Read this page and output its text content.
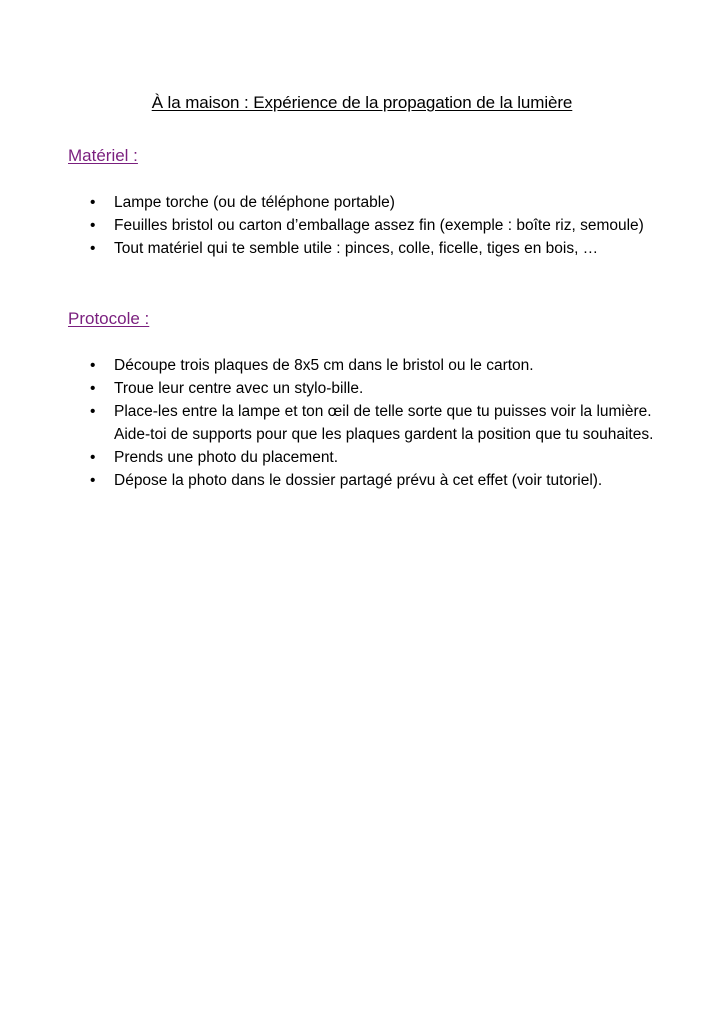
À la maison : Expérience de la propagation de la lumière
Matériel :
•	Lampe torche (ou de téléphone portable)
•	Feuilles bristol ou carton d’emballage assez fin (exemple : boîte riz, semoule)
•	Tout matériel qui te semble utile : pinces, colle, ficelle, tiges en bois, …
Protocole :
•	Découpe trois plaques de 8x5 cm dans le bristol ou le carton.
•	Troue leur centre avec un stylo-bille.
•	Place-les entre la lampe et ton œil de telle sorte que tu puisses voir la lumière. Aide-toi de supports pour que les plaques gardent la position que tu souhaites.
•	Prends une photo du placement.
•	Dépose la photo dans le dossier partagé prévu à cet effet (voir tutoriel).
